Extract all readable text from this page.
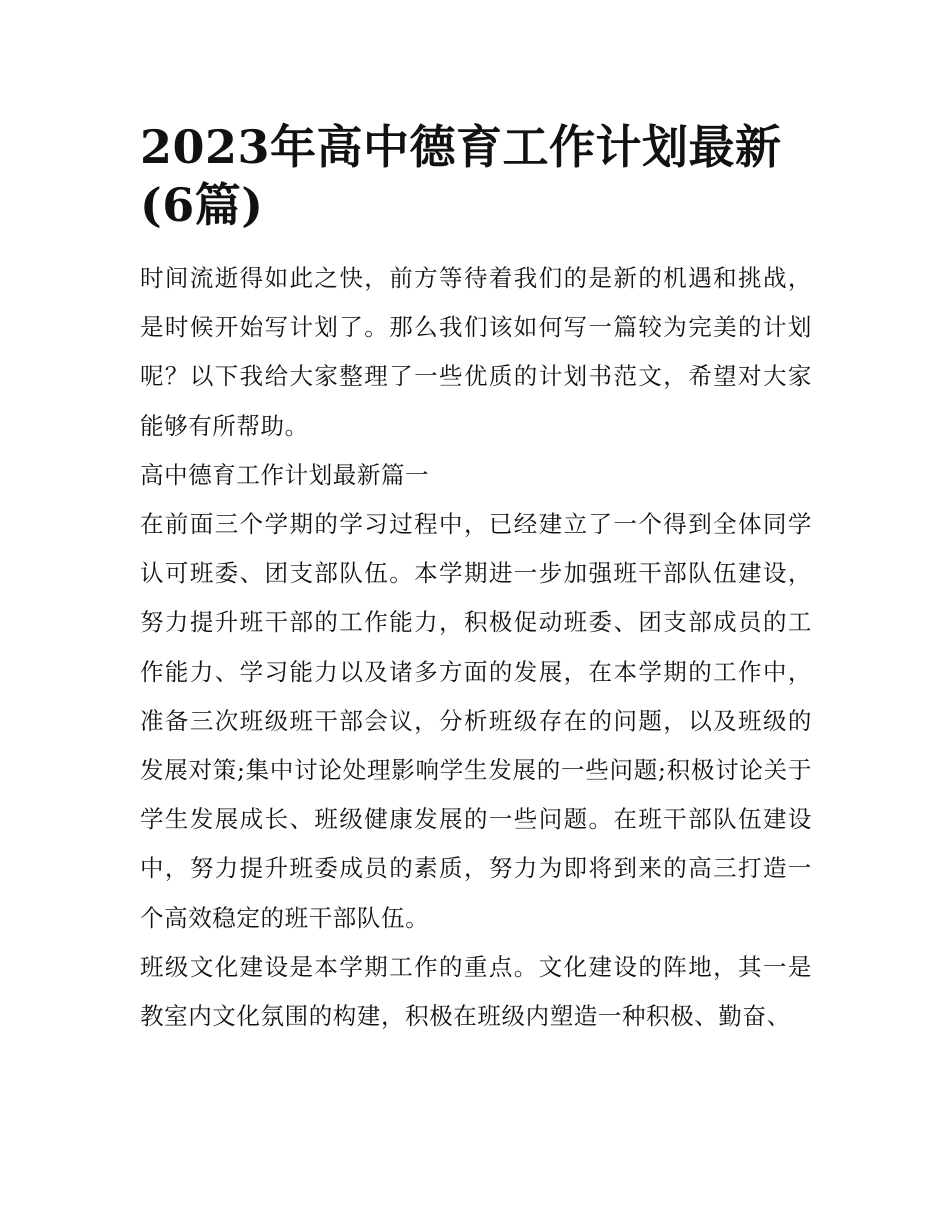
2023年高中德育工作计划最新(6篇)

时间流逝得如此之快，前方等待着我们的是新的机遇和挑战，是时候开始写计划了。那么我们该如何写一篇较为完美的计划呢？以下我给大家整理了一些优质的计划书范文，希望对大家能够有所帮助。

高中德育工作计划最新篇一

在前面三个学期的学习过程中，已经建立了一个得到全体同学认可班委、团支部队伍。本学期进一步加强班干部队伍建设，努力提升班干部的工作能力，积极促动班委、团支部成员的工作能力、学习能力以及诸多方面的发展，在本学期的工作中，准备三次班级班干部会议，分析班级存在的问题，以及班级的发展对策;集中讨论处理影响学生发展的一些问题;积极讨论关于学生发展成长、班级健康发展的一些问题。在班干部队伍建设中，努力提升班委成员的素质，努力为即将到来的高三打造一个高效稳定的班干部队伍。

班级文化建设是本学期工作的重点。文化建设的阵地，其一是教室内文化氛围的构建，积极在班级内塑造一种积极、勤奋、
